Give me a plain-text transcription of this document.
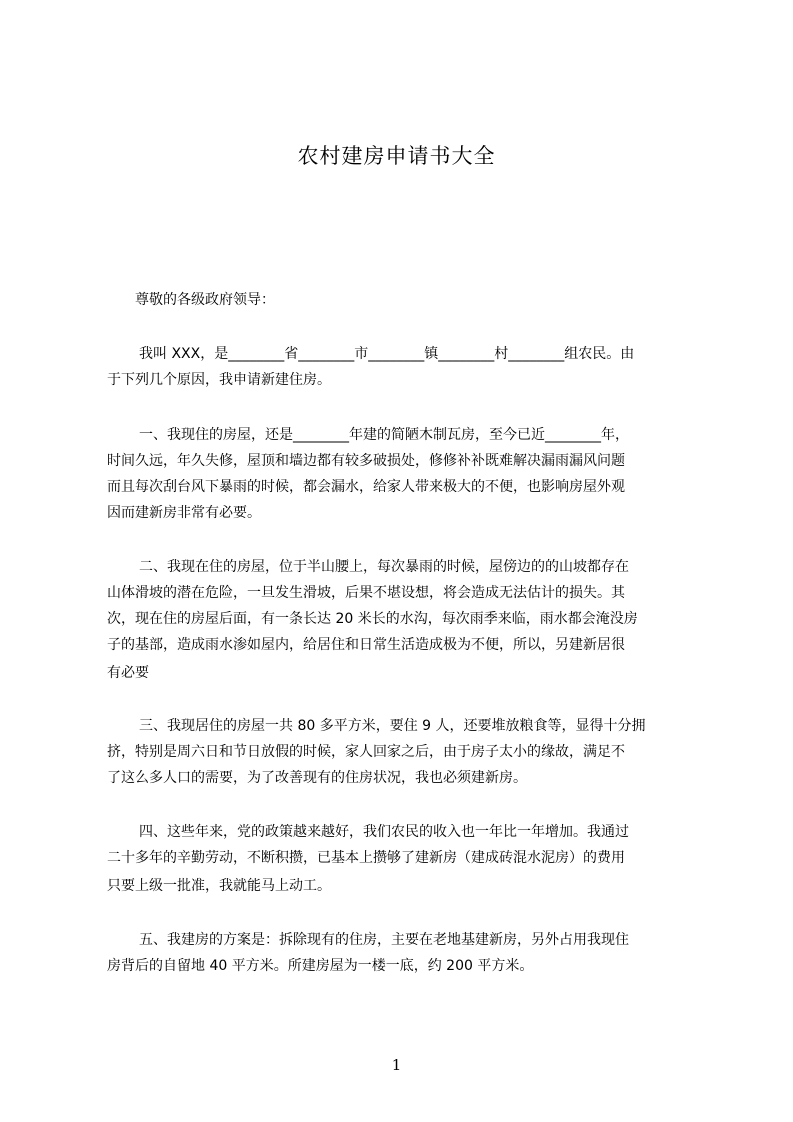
农村建房申请书大全
尊敬的各级政府领导：
我叫 XXX，是________省________市________镇________村________组农民。由
于下列几个原因，我申请新建住房。
一、我现住的房屋，还是________年建的简陋木制瓦房，至今已近________年，
时间久远，年久失修，屋顶和墙边都有较多破损处，修修补补既难解决漏雨漏风问题
而且每次刮台风下暴雨的时候，都会漏水，给家人带来极大的不便，也影响房屋外观
因而建新房非常有必要。
二、我现在住的房屋，位于半山腰上，每次暴雨的时候，屋傍边的的山坡都存在
山体滑坡的潜在危险，一旦发生滑坡，后果不堪设想，将会造成无法估计的损失。其
次，现在住的房屋后面，有一条长达 20 米长的水沟，每次雨季来临，雨水都会淹没房
子的基部，造成雨水渗如屋内，给居住和日常生活造成极为不便，所以，另建新居很
有必要
三、我现居住的房屋一共 80 多平方米，要住 9 人，还要堆放粮食等，显得十分拥
挤，特别是周六日和节日放假的时候，家人回家之后，由于房子太小的缘故，满足不
了这么多人口的需要，为了改善现有的住房状况，我也必须建新房。
四、这些年来，党的政策越来越好，我们农民的收入也一年比一年增加。我通过
二十多年的辛勤劳动，不断积攒，已基本上攒够了建新房（建成砖混水泥房）的费用
只要上级一批准，我就能马上动工。
五、我建房的方案是：拆除现有的住房，主要在老地基建新房，另外占用我现住
房背后的自留地 40 平方米。所建房屋为一楼一底，约 200 平方米。
1
